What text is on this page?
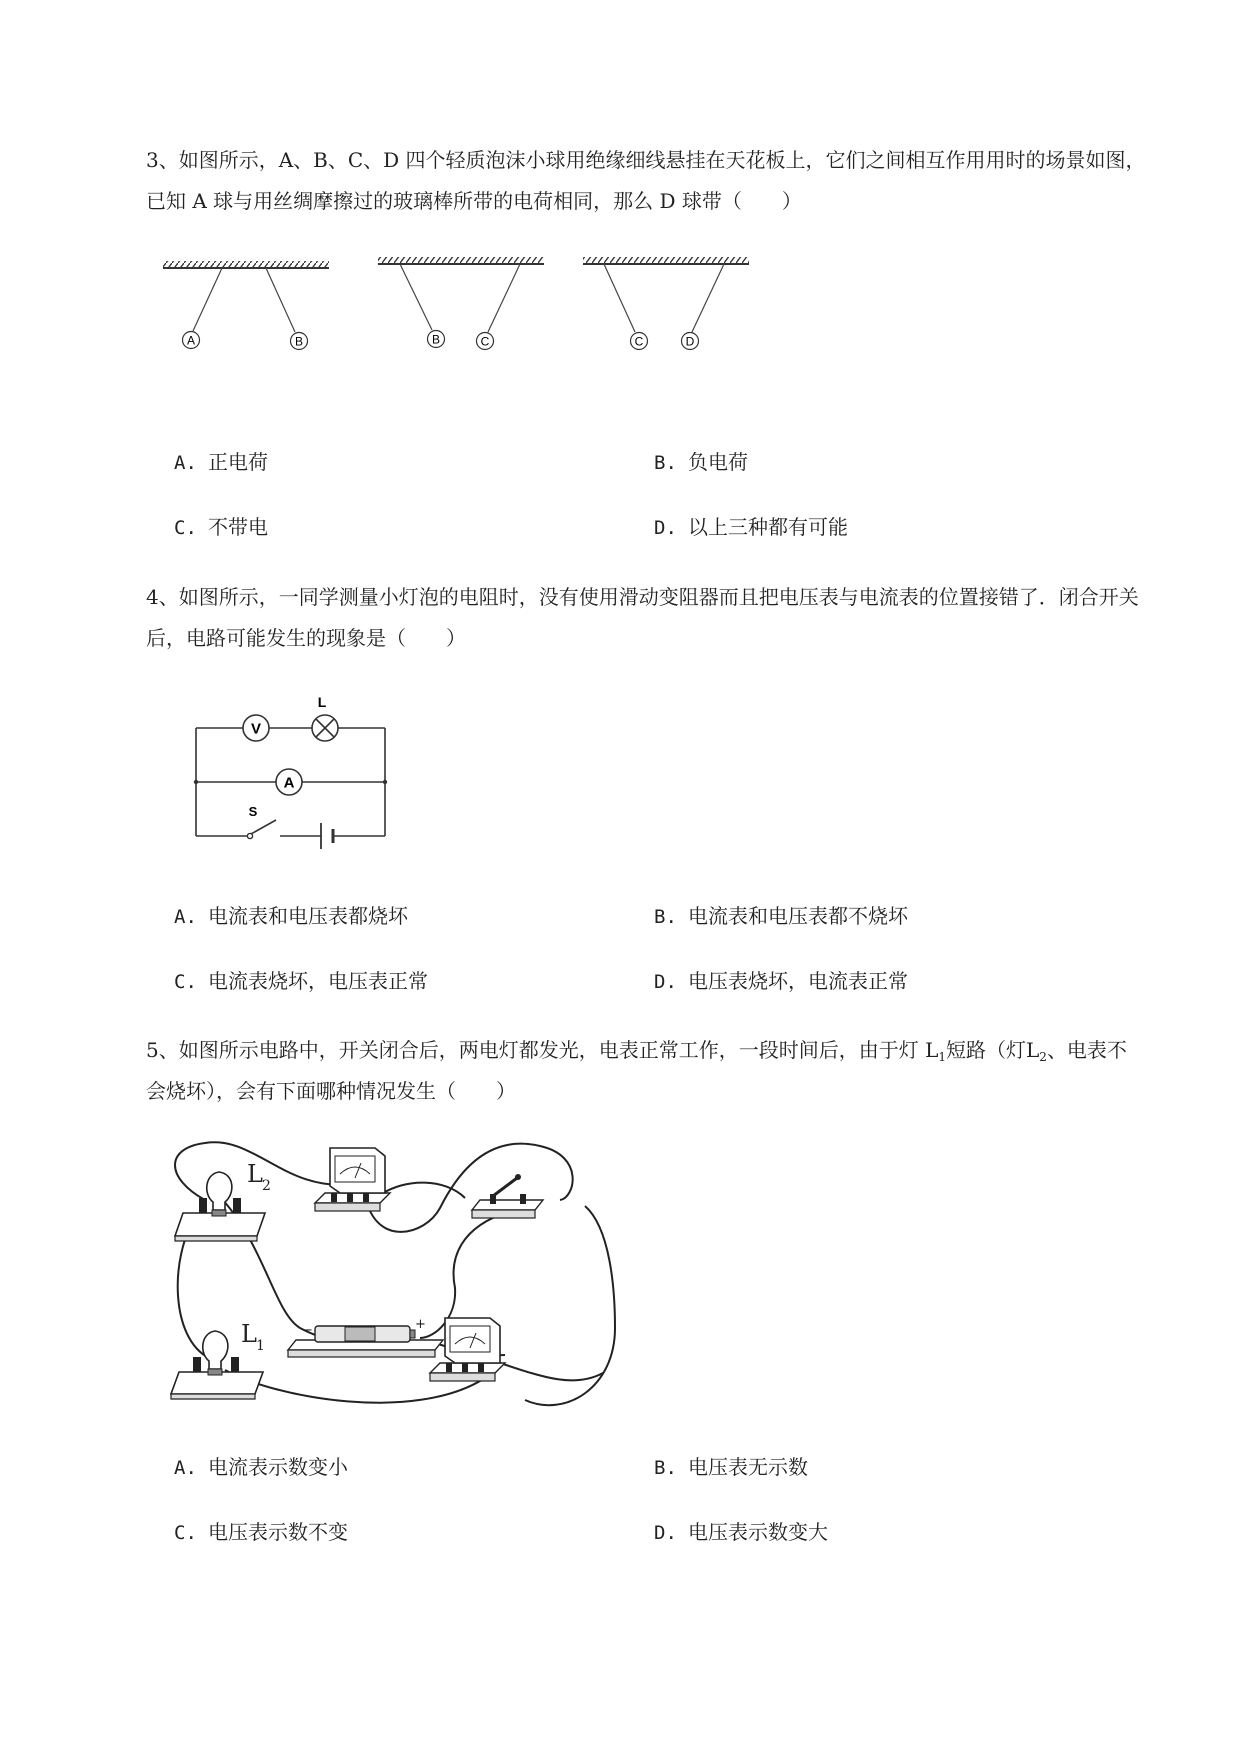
3、如图所示，A、B、C、D 四个轻质泡沫小球用绝缘细线悬挂在天花板上，它们之间相互作用用时的场景如图，已知 A 球与用丝绸摩擦过的玻璃棒所带的电荷相同，那么 D 球带（　　）

A	B	B	C	C	D
A. 正电荷	B. 负电荷
C. 不带电	D. 以上三种都有可能

4、如图所示，一同学测量小灯泡的电阻时，没有使用滑动变阻器而且把电压表与电流表的位置接错了．闭合开关后，电路可能发生的现象是（　　）

V
L
A
S
A. 电流表和电压表都烧坏	B. 电流表和电压表都不烧坏
C. 电流表烧坏，电压表正常	D. 电压表烧坏，电流表正常

5、如图所示电路中，开关闭合后，两电灯都发光，电表正常工作，一段时间后，由于灯 $L_1$短路（灯$L_2$、电表不会烧坏），会有下面哪种情况发生（　　）

L 2
L 1
−	+
A. 电流表示数变小	B. 电压表无示数
C. 电压表示数不变	D. 电压表示数变大
